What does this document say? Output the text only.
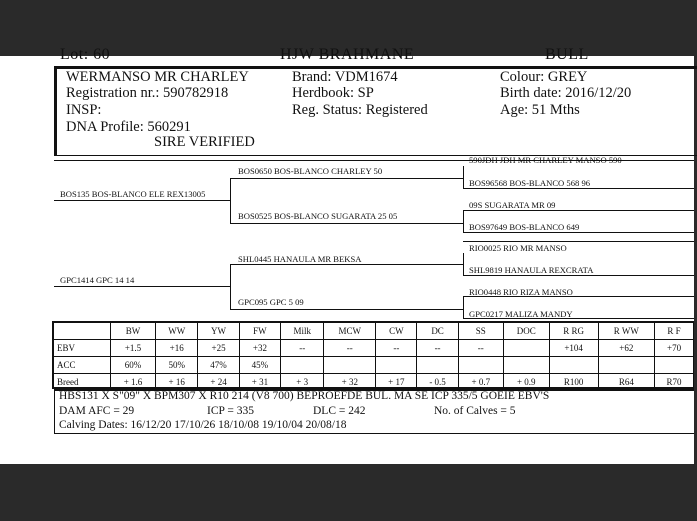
Lot: 60	HJW BRAHMANE	BULL
WERMANSO MR CHARLEY
Registration nr.: 590782918
INSP:
DNA Profile: 560291
SIRE VERIFIED
Brand: VDM1674
Herdbook: SP
Reg. Status: Registered
Colour: GREY
Birth date: 2016/12/20
Age: 51 Mths
BOS135 BOS-BLANCO ELE REX13005
GPC1414 GPC 14 14
BOS0650 BOS-BLANCO CHARLEY 50
BOS0525 BOS-BLANCO SUGARATA 25 05
SHL0445 HANAULA MR BEKSA
GPC095 GPC 5 09
590JDH JDH MR CHARLEY MANSO 590
BOS96568 BOS-BLANCO 568 96
09S SUGARATA MR 09
BOS97649 BOS-BLANCO 649
RIO0025 RIO MR MANSO
SHL9819 HANAULA REXCRATA
RIO0448 RIO RIZA MANSO
GPC0217 MALIZA MANDY
	BW	WW	YW	FW	Milk	MCW	CW	DC	SS	DOC	R RG	R WW	R F
EBV	+1.5	+16	+25	+32	--	--	--	--	--		+104	+62	+70
ACC	60%	50%	47%	45%									
Breed	+ 1.6	+ 16	+ 24	+ 31	+ 3	+ 32	+ 17	- 0.5	+ 0.7	+ 0.9	R100	R64	R70
HBS131 X S"09" X BPM307 X R10 214 (V8 700) BEPROEFDE BUL. MA SE ICP 335/5 GOEIE EBV'S
DAM AFC = 29	ICP = 335	DLC = 242	No. of Calves = 5
Calving Dates: 16/12/20 17/10/26 18/10/08 19/10/04 20/08/18
